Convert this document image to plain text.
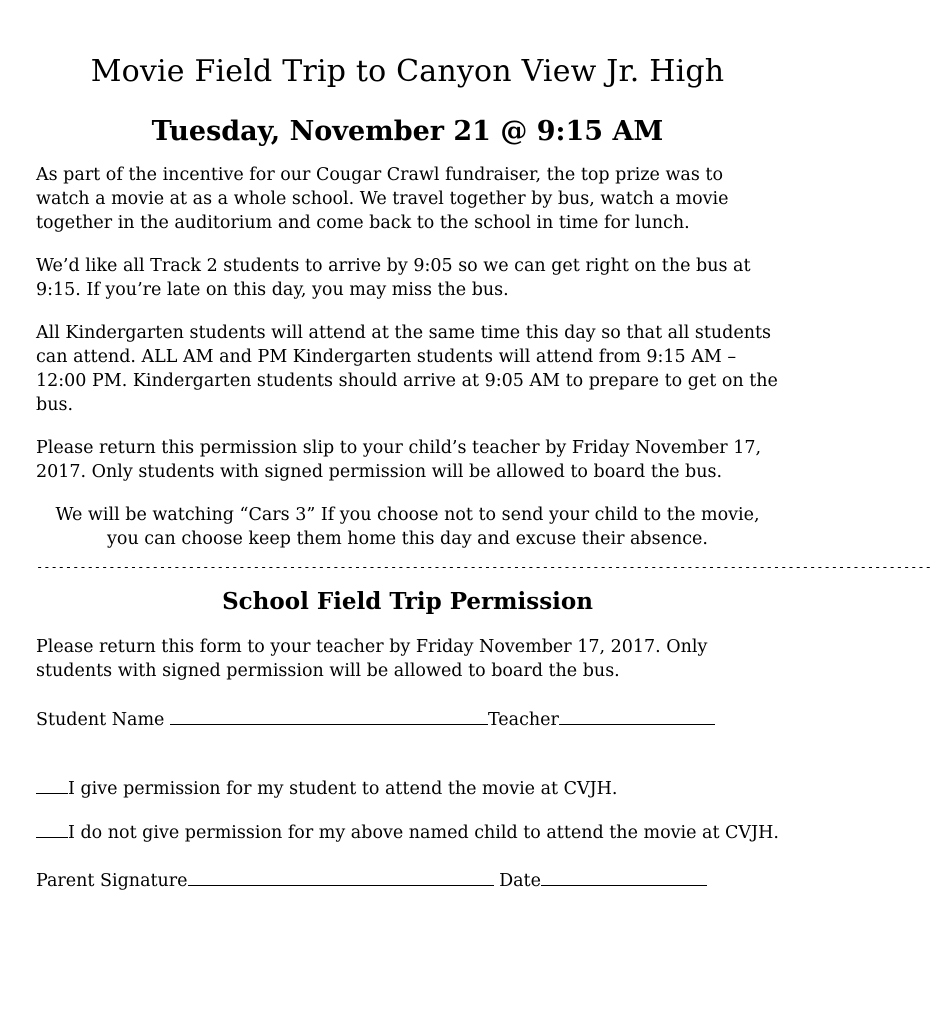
Movie Field Trip to Canyon View Jr. High
Tuesday, November 21 @ 9:15 AM

As part of the incentive for our Cougar Crawl fundraiser, the top prize was to watch a movie at as a whole school. We travel together by bus, watch a movie together in the auditorium and come back to the school in time for lunch.

We’d like all Track 2 students to arrive by 9:05 so we can get right on the bus at 9:15. If you’re late on this day, you may miss the bus.

All Kindergarten students will attend at the same time this day so that all students can attend. ALL AM and PM Kindergarten students will attend from 9:15 AM – 12:00 PM. Kindergarten students should arrive at 9:05 AM to prepare to get on the bus.

Please return this permission slip to your child’s teacher by Friday November 17, 2017. Only students with signed permission will be allowed to board the bus.

We will be watching “Cars 3” If you choose not to send your child to the movie,
you can choose keep them home this day and excuse their absence.

----------------------------------------------------------------------------------------------------------------------------
School Field Trip Permission

Please return this form to your teacher by Friday November 17, 2017. Only students with signed permission will be allowed to board the bus.

Student Name	Teacher

I give permission for my student to attend the movie at CVJH.

I do not give permission for my above named child to attend the movie at CVJH.

Parent Signature	Date
